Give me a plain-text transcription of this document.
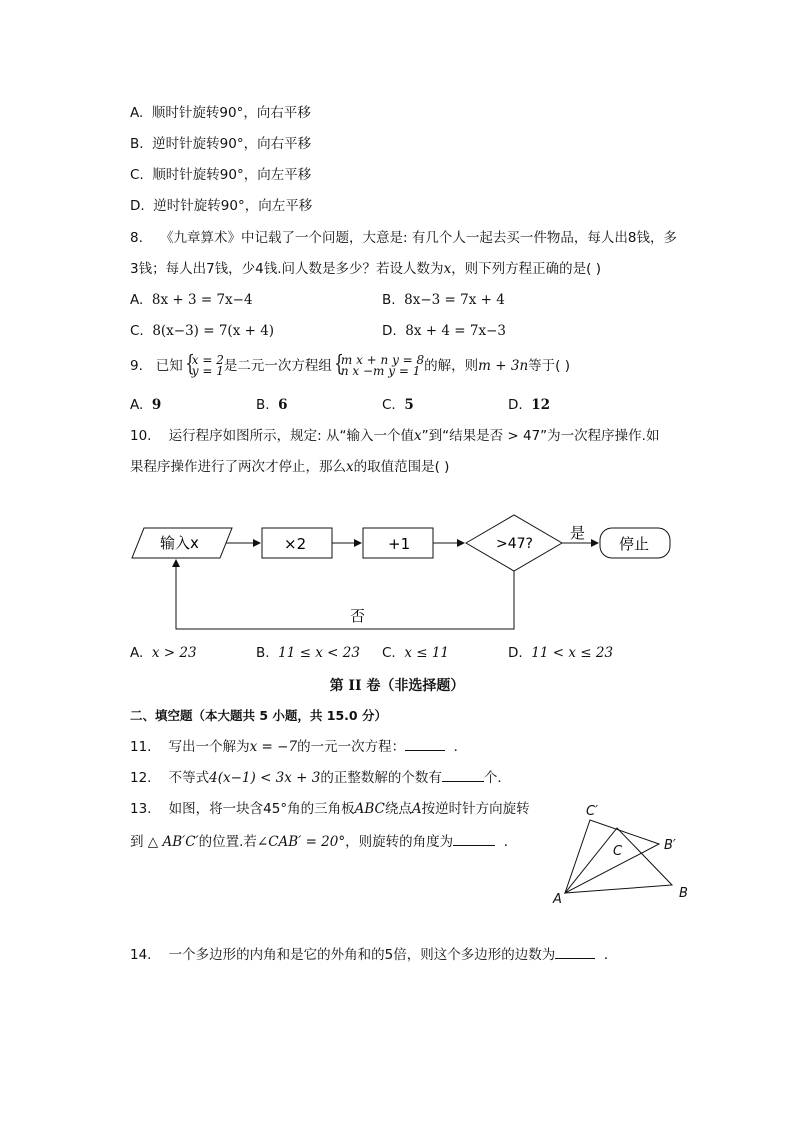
A. 顺时针旋转90°，向右平移
B. 逆时针旋转90°，向右平移
C. 顺时针旋转90°，向左平移
D. 逆时针旋转90°，向左平移
8. 《九章算术》中记载了一个问题，大意是: 有几个人一起去买一件物品，每人出8钱，多
3钱；每人出7钱，少4钱.问人数是多少？若设人数为x，则下列方程正确的是( )
A. 8x + 3 = 7x−4	B. 8x−3 = 7x + 4
C. 8(x−3) = 7(x + 4)	D. 8x + 4 = 7x−3
9. 已知 {
x = 2
y = 1 是二元一次方程组 {
m x + n y = 8
n x −m y = 1 的解，则m + 3n等于( )
A. 9	B. 6	C. 5	D. 12
10. 运行程序如图所示，规定: 从“输入一个值x”到“结果是否 > 47”为一次程序操作.如
果程序操作进行了两次才停止，那么x的取值范围是( )
输入x	×2	+1	>47?
是
停止
否
A	B
C	B′
C′
A. x > 23	B. 11 ≤ x < 23 C. x ≤ 11	D. 11 < x ≤ 23
第 II 卷（非选择题）
二、填空题（本大题共 5 小题，共 15.0 分）
11. 写出一个解为x = −7的一元一次方程：	．
12. 不等式4(x−1) < 3x + 3的正整数解的个数有	个．
13. 如图，将一块含45°角的三角板ABC绕点A按逆时针方向旋转
到 △ AB′C′的位置.若∠CAB′ = 20°，则旋转的角度为	．
14. 一个多边形的内角和是它的外角和的5倍，则这个多边形的边数为	．
